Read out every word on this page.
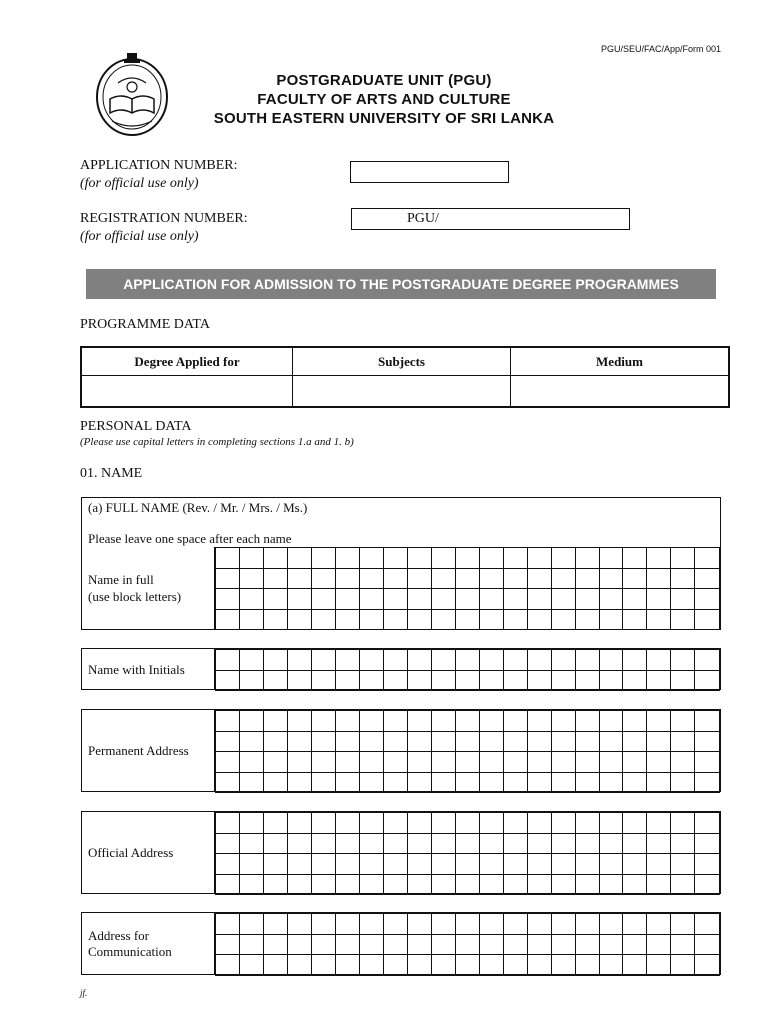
PGU/SEU/FAC/App/Form 001
POSTGRADUATE UNIT (PGU)
FACULTY OF ARTS AND CULTURE
SOUTH EASTERN UNIVERSITY OF SRI LANKA
APPLICATION NUMBER:
(for official use only)
REGISTRATION NUMBER:
(for official use only)
PGU/
APPLICATION FOR ADMISSION TO THE POSTGRADUATE DEGREE PROGRAMMES
PROGRAMME DATA
Degree Applied for	Subjects	Medium

PERSONAL DATA
(Please use capital letters in completing sections 1.a and 1. b)
01. NAME
(a) FULL NAME (Rev. / Mr. / Mrs. / Ms.)
Please leave one space after each name
Name in full
(use block letters)

Name with Initials

Permanent Address

Official Address

Address for
Communication

jf.
